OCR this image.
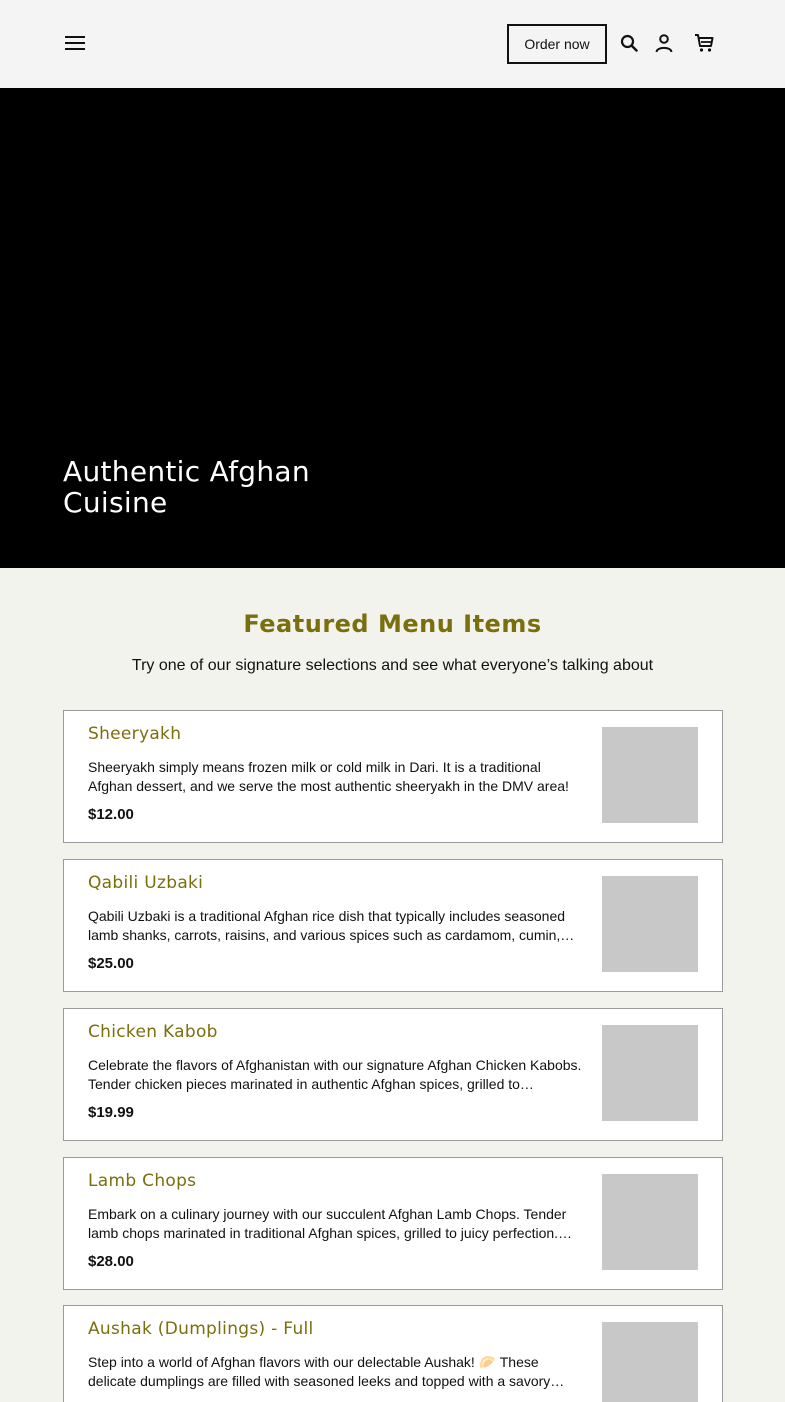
Order now
Authentic Afghan Cuisine
Featured Menu Items

Try one of our signature selections and see what everyone’s talking about

Sheeryakh
Sheeryakh simply means frozen milk or cold milk in Dari. It is a traditional Afghan dessert, and we serve the most authentic sheeryakh in the DMV area!
$12.00
Qabili Uzbaki
Qabili Uzbaki is a traditional Afghan rice dish that typically includes seasoned lamb shanks, carrots, raisins, and various spices such as cardamom, cumin,
$25.00
Chicken Kabob
Celebrate the flavors of Afghanistan with our signature Afghan Chicken Kabobs. Tender chicken pieces marinated in authentic Afghan spices, grilled to
$19.99
Lamb Chops
Embark on a culinary journey with our succulent Afghan Lamb Chops. Tender lamb chops marinated in traditional Afghan spices, grilled to juicy perfection.
$28.00
Aushak (Dumplings) - Full
Step into a world of Afghan flavors with our delectable Aushak! 🥟 These delicate dumplings are filled with seasoned leeks and topped with a savory
